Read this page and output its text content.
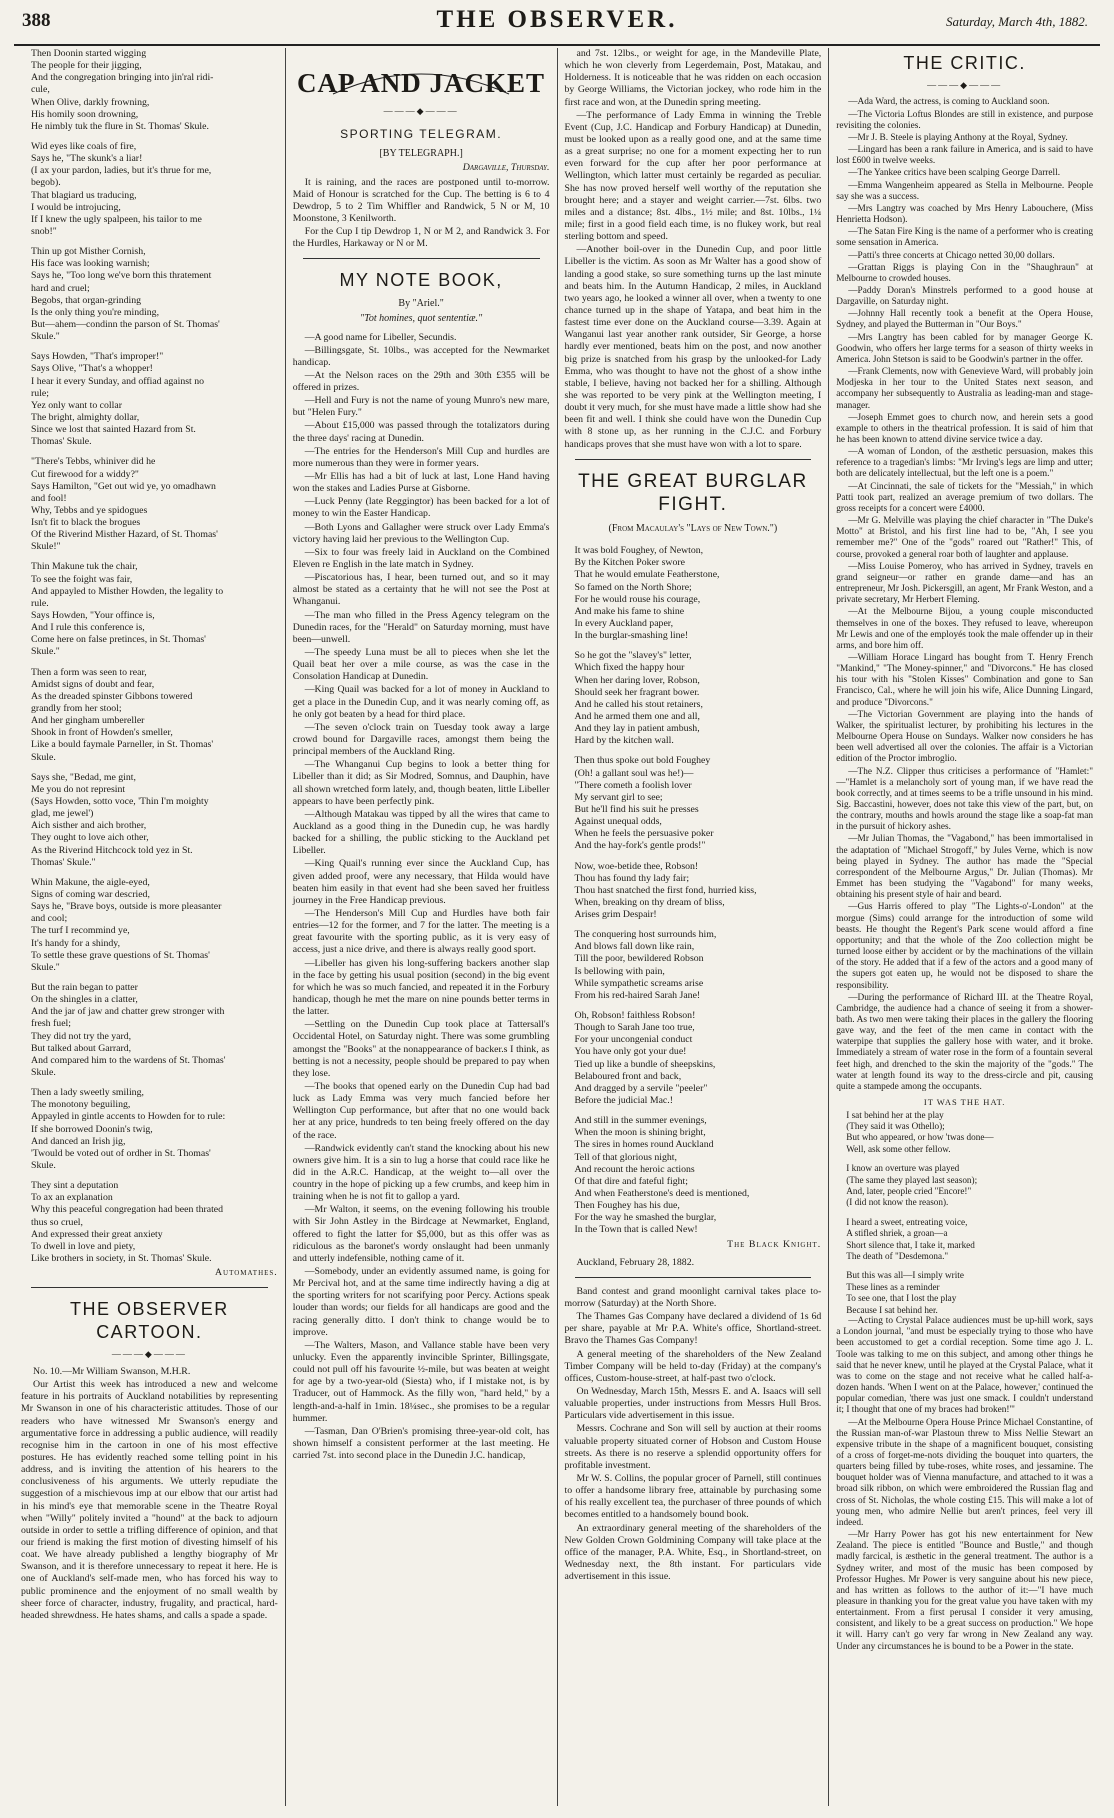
388	THE OBSERVER.	Saturday, March 4th, 1882.
Then Doonin started wigging
The people for their jigging,
And the congregation bringing into jin'ral ridi-
cule,
When Olive, darkly frowning,
His homily soon drowning,
He nimbly tuk the flure in St. Thomas' Skule.
Wid eyes like coals of fire,
Says he, "The skunk's a liar!
(I ax your pardon, ladies, but it's thrue for me,
begob).
That blagiard us traducing,
I would be introjucing,
If I knew the ugly spalpeen, his tailor to me
snob!"
Thin up got Misther Cornish,
His face was looking warnish;
Says he, "Too long we've born this thratement
hard and cruel;
Begobs, that organ-grinding
Is the only thing you're minding,
But—ahem—condinn the parson of St. Thomas'
Skule."
Says Howden, "That's improper!"
Says Olive, "That's a whopper!
I hear it every Sunday, and offiad against no
rule;
Yez only want to collar
The bright, almighty dollar,
Since we lost that sainted Hazard from St.
Thomas' Skule.
"There's Tebbs, whiniver did he
Cut firewood for a widdy?"
Says Hamilton, "Get out wid ye, yo omadhawn
and fool!
Why, Tebbs and ye spidogues
Isn't fit to black the brogues
Of the Riverind Misther Hazard, of St. Thomas'
Skule!"
Thin Makune tuk the chair,
To see the foight was fair,
And appayled to Misther Howden, the legality to
rule.
Says Howden, "Your offince is,
And I rule this conference is,
Come here on false pretinces, in St. Thomas'
Skule."
Then a form was seen to rear,
Amidst signs of doubt and fear,
As the dreaded spinster Gibbons towered
grandly from her stool;
And her gingham umbereller
Shook in front of Howden's smeller,
Like a bould faymale Parneller, in St. Thomas'
Skule.
Says she, "Bedad, me gint,
Me you do not represint
(Says Howden, sotto voce, 'Thin I'm moighty
glad, me jewel')
Aich sisther and aich brother,
They ought to love aich other,
As the Riverind Hitchcock told yez in St.
Thomas' Skule."
Whin Makune, the aigle-eyed,
Signs of coming war descried,
Says he, "Brave boys, outside is more pleasanter
and cool;
The turf I recommind ye,
It's handy for a shindy,
To settle these grave questions of St. Thomas'
Skule."
But the rain began to patter
On the shingles in a clatter,
And the jar of jaw and chatter grew stronger with
fresh fuel;
They did not try the yard,
But talked about Garrard,
And compared him to the wardens of St. Thomas'
Skule.
Then a lady sweetly smiling,
The monotony beguiling,
Appayled in gintle accents to Howden for to rule:
If she borrowed Doonin's twig,
And danced an Irish jig,
'Twould be voted out of ordher in St. Thomas'
Skule.
They sint a deputation
To ax an explanation
Why this peaceful congregation had been thrated
thus so cruel,
And expressed their great anxiety
To dwell in love and piety,
Like brothers in society, in St. Thomas' Skule.
Automathes.
THE OBSERVER CARTOON.
———◆———

No. 10.—Mr William Swanson, M.H.R.

Our Artist this week has introduced a new and welcome feature in his portraits of Auckland notabilities by representing Mr Swanson in one of his characteristic attitudes. Those of our readers who have witnessed Mr Swanson's energy and argumentative force in addressing a public audience, will readily recognise him in the cartoon in one of his most effective postures. He has evidently reached some telling point in his address, and is inviting the attention of his hearers to the conclusiveness of his arguments. We utterly repudiate the suggestion of a mischievous imp at our elbow that our artist had in his mind's eye that memorable scene in the Theatre Royal when "Willy" politely invited a "hound" at the back to adjourn outside in order to settle a trifling difference of opinion, and that our friend is making the first motion of divesting himself of his coat. We have already published a lengthy biography of Mr Swanson, and it is therefore unnecessary to repeat it here. He is one of Auckland's self-made men, who has forced his way to public prominence and the enjoyment of no small wealth by sheer force of character, industry, frugality, and practical, hard-headed shrewdness. He hates shams, and calls a spade a spade.

CAP AND JACKET
———◆———
SPORTING TELEGRAM.
[BY TELEGRAPH.]
Dargaville, Thursday.

It is raining, and the races are postponed until to-morrow. Maid of Honour is scratched for the Cup. The betting is 6 to 4 Dewdrop, 5 to 2 Tim Whiffler and Randwick, 5 N or M, 10 Moonstone, 3 Kenilworth.

For the Cup I tip Dewdrop 1, N or M 2, and Randwick 3. For the Hurdles, Harkaway or N or M.

MY NOTE BOOK,
By "Ariel."
"Tot homines, quot sententiæ."

—A good name for Libeller, Secundis.

—Billingsgate, St. 10lbs., was accepted for the Newmarket handicap.

—At the Nelson races on the 29th and 30th £355 will be offered in prizes.

—Hell and Fury is not the name of young Munro's new mare, but "Helen Fury."

—About £15,000 was passed through the totalizators during the three days' racing at Dunedin.

—The entries for the Henderson's Mill Cup and hurdles are more numerous than they were in former years.

—Mr Ellis has had a bit of luck at last, Lone Hand having won the stakes and Ladies Purse at Gisborne.

—Luck Penny (late Reggingtor) has been backed for a lot of money to win the Easter Handicap.

—Both Lyons and Gallagher were struck over Lady Emma's victory having laid her previous to the Wellington Cup.

—Six to four was freely laid in Auckland on the Combined Eleven re English in the late match in Sydney.

—Piscatorious has, I hear, been turned out, and so it may almost be stated as a certainty that he will not see the Post at Whanganui.

—The man who filled in the Press Agency telegram on the Dunedin races, for the "Herald" on Saturday morning, must have been—unwell.

—The speedy Luna must be all to pieces when she let the Quail beat her over a mile course, as was the case in the Consolation Handicap at Dunedin.

—King Quail was backed for a lot of money in Auckland to get a place in the Dunedin Cup, and it was nearly coming off, as he only got beaten by a head for third place.

—The seven o'clock train on Tuesday took away a large crowd bound for Dargaville races, amongst them being the principal members of the Auckland Ring.

—The Whanganui Cup begins to look a better thing for Libeller than it did; as Sir Modred, Somnus, and Dauphin, have all shown wretched form lately, and, though beaten, little Libeller appears to have been perfectly pink.

—Although Matakau was tipped by all the wires that came to Auckland as a good thing in the Dunedin cup, he was hardly backed for a shilling, the public sticking to the Auckland pet Libeller.

—King Quail's running ever since the Auckland Cup, has given added proof, were any necessary, that Hilda would have beaten him easily in that event had she been saved her fruitless journey in the Free Handicap previous.

—The Henderson's Mill Cup and Hurdles have both fair entries—12 for the former, and 7 for the latter. The meeting is a great favourite with the sporting public, as it is very easy of access, just a nice drive, and there is always really good sport.

—Libeller has given his long-suffering backers another slap in the face by getting his usual position (second) in the big event for which he was so much fancied, and repeated it in the Forbury handicap, though he met the mare on nine pounds better terms in the latter.

—Settling on the Dunedin Cup took place at Tattersall's Occidental Hotel, on Saturday night. There was some grumbling amongst the "Books" at the nonappearance of backer.s I think, as betting is not a necessity, people should be prepared to pay when they lose.

—The books that opened early on the Dunedin Cup had bad luck as Lady Emma was very much fancied before her Wellington Cup performance, but after that no one would back her at any price, hundreds to ten being freely offered on the day of the race.

—Randwick evidently can't stand the knocking about his new owners give him. It is a sin to lug a horse that could race like he did in the A.R.C. Handicap, at the weight to—all over the country in the hope of picking up a few crumbs, and keep him in training when he is not fit to gallop a yard.

—Mr Walton, it seems, on the evening following his trouble with Sir John Astley in the Birdcage at Newmarket, England, offered to fight the latter for $5,000, but as this offer was as ridiculous as the baronet's wordy onslaught had been unmanly and utterly indefensible, nothing came of it.

—Somebody, under an evidently assumed name, is going for Mr Percival hot, and at the same time indirectly having a dig at the sporting writers for not scarifying poor Percy. Actions speak louder than words; our fields for all handicaps are good and the racing generally ditto. I don't think to change would be to improve.

—The Walters, Mason, and Vallance stable have been very unlucky. Even the apparently invincible Sprinter, Billingsgate, could not pull off his favourite ½-mile, but was beaten at weight for age by a two-year-old (Siesta) who, if I mistake not, is by Traducer, out of Hammock. As the filly won, "hard held," by a length-and-a-half in 1min. 18¼sec., she promises to be a regular hummer.

—Tasman, Dan O'Brien's promising three-year-old colt, has shown himself a consistent performer at the last meeting. He carried 7st. into second place in the Dunedin J.C. handicap,

and 7st. 12lbs., or weight for age, in the Mandeville Plate, which he won cleverly from Legerdemain, Post, Matakau, and Holderness. It is noticeable that he was ridden on each occasion by George Williams, the Victorian jockey, who rode him in the first race and won, at the Dunedin spring meeting.

—The performance of Lady Emma in winning the Treble Event (Cup, J.C. Handicap and Forbury Handicap) at Dunedin, must be looked upon as a really good one, and at the same time as a great surprise; no one for a moment expecting her to run even forward for the cup after her poor performance at Wellington, which latter must certainly be regarded as peculiar. She has now proved herself well worthy of the reputation she brought here; and a stayer and weight carrier.—7st. 6lbs. two miles and a distance; 8st. 4lbs., 1½ mile; and 8st. 10lbs., 1¼ mile; first in a good field each time, is no flukey work, but real sterling bottom and speed.

—Another boil-over in the Dunedin Cup, and poor little Libeller is the victim. As soon as Mr Walter has a good show of landing a good stake, so sure something turns up the last minute and beats him. In the Autumn Handicap, 2 miles, in Auckland two years ago, he looked a winner all over, when a twenty to one chance turned up in the shape of Yatapa, and beat him in the fastest time ever done on the Auckland course—3.39. Again at Wanganui last year another rank outsider, Sir George, a horse hardly ever mentioned, beats him on the post, and now another big prize is snatched from his grasp by the unlooked-for Lady Emma, who was thought to have not the ghost of a show inthe stable, I believe, having not backed her for a shilling. Although she was reported to be very pink at the Wellington meeting, I doubt it very much, for she must have made a little show had she been fit and well. I think she could have won the Dunedin Cup with 8 stone up, as her running in the C.J.C. and Forbury handicaps proves that she must have won with a lot to spare.

THE GREAT BURGLAR FIGHT.
(From Macaulay's "Lays of New Town.")
It was bold Foughey, of Newton,
By the Kitchen Poker swore
That he would emulate Featherstone,
So famed on the North Shore;
For he would rouse his courage,
And make his fame to shine
In every Auckland paper,
In the burglar-smashing line!
So he got the "slavey's" letter,
Which fixed the happy hour
When her daring lover, Robson,
Should seek her fragrant bower.
And he called his stout retainers,
And he armed them one and all,
And they lay in patient ambush,
Hard by the kitchen wall.
Then thus spoke out bold Foughey
(Oh! a gallant soul was he!)—
"There cometh a foolish lover
My servant girl to see;
But he'll find his suit he presses
Against unequal odds,
When he feels the persuasive poker
And the hay-fork's gentle prods!"
Now, woe-betide thee, Robson!
Thou has found thy lady fair;
Thou hast snatched the first fond, hurried kiss,
When, breaking on thy dream of bliss,
Arises grim Despair!
The conquering host surrounds him,
And blows fall down like rain,
Till the poor, bewildered Robson
Is bellowing with pain,
While sympathetic screams arise
From his red-haired Sarah Jane!
Oh, Robson! faithless Robson!
Though to Sarah Jane too true,
For your uncongenial conduct
You have only got your due!
Tied up like a bundle of sheepskins,
Belaboured front and back,
And dragged by a servile "peeler"
Before the judicial Mac.!
And still in the summer evenings,
When the moon is shining bright,
The sires in homes round Auckland
Tell of that glorious night,
And recount the heroic actions
Of that dire and fateful fight;
And when Featherstone's deed is mentioned,
Then Foughey has his due,
For the way he smashed the burglar,
In the Town that is called New!
The Black Knight.
Auckland, February 28, 1882.

Band contest and grand moonlight carnival takes place to-morrow (Saturday) at the North Shore.

The Thames Gas Company have declared a dividend of 1s 6d per share, payable at Mr P.A. White's office, Shortland-street. Bravo the Thames Gas Company!

A general meeting of the shareholders of the New Zealand Timber Company will be held to-day (Friday) at the company's offices, Custom-house-street, at half-past two o'clock.

On Wednesday, March 15th, Messrs E. and A. Isaacs will sell valuable properties, under instructions from Messrs Hull Bros. Particulars vide advertisement in this issue.

Messrs. Cochrane and Son will sell by auction at their rooms valuable property situated corner of Hobson and Custom House streets. As there is no reserve a splendid opportunity offers for profitable investment.

Mr W. S. Collins, the popular grocer of Parnell, still continues to offer a handsome library free, attainable by purchasing some of his really excellent tea, the purchaser of three pounds of which becomes entitled to a handsomely bound book.

An extraordinary general meeting of the shareholders of the New Golden Crown Goldmining Company will take place at the office of the manager, P.A. White, Esq., in Shortland-street, on Wednesday next, the 8th instant. For particulars vide advertisement in this issue.

THE CRITIC.
———◆———

—Ada Ward, the actress, is coming to Auckland soon.

—The Victoria Loftus Blondes are still in existence, and purpose revisiting the colonies.

—Mr J. B. Steele is playing Anthony at the Royal, Sydney.

—Lingard has been a rank failure in America, and is said to have lost £600 in twelve weeks.

—The Yankee critics have been scalping George Darrell.

—Emma Wangenheim appeared as Stella in Melbourne. People say she was a success.

—Mrs Langtry was coached by Mrs Henry Labouchere, (Miss Henrietta Hodson).

—The Satan Fire King is the name of a performer who is creating some sensation in America.

—Patti's three concerts at Chicago netted 30,00 dollars.

—Grattan Riggs is playing Con in the "Shaughraun" at Melbourne to crowded houses.

—Paddy Doran's Minstrels performed to a good house at Dargaville, on Saturday night.

—Johnny Hall recently took a benefit at the Opera House, Sydney, and played the Butterman in "Our Boys."

—Mrs Langtry has been cabled for by manager George K. Goodwin, who offers her large terms for a season of thirty weeks in America. John Stetson is said to be Goodwin's partner in the offer.

—Frank Clements, now with Genevieve Ward, will probably join Modjeska in her tour to the United States next season, and accompany her subsequently to Australia as leading-man and stage-manager.

—Joseph Emmet goes to church now, and herein sets a good example to others in the theatrical profession. It is said of him that he has been known to attend divine service twice a day.

—A woman of London, of the æsthetic persuasion, makes this reference to a tragedian's limbs: "Mr Irving's legs are limp and utter; both are delicately intellectual, but the left one is a poem."

—At Cincinnati, the sale of tickets for the "Messiah," in which Patti took part, realized an average premium of two dollars. The gross receipts for a concert were £4000.

—Mr G. Melville was playing the chief character in "The Duke's Motto" at Bristol, and his first line had to be, "Ah, I see you remember me?" One of the "gods" roared out "Rather!" This, of course, provoked a general roar both of laughter and applause.

—Miss Louise Pomeroy, who has arrived in Sydney, travels en grand seigneur—or rather en grande dame—and has an entrepreneur, Mr Josh. Pickersgill, an agent, Mr Frank Weston, and a private secretary, Mr Herbert Fleming.

—At the Melbourne Bijou, a young couple misconducted themselves in one of the boxes. They refused to leave, whereupon Mr Lewis and one of the employés took the male offender up in their arms, and bore him off.

—William Horace Lingard has bought from T. Henry French "Mankind," "The Money-spinner," and "Divorcons." He has closed his tour with his "Stolen Kisses" Combination and gone to San Francisco, Cal., where he will join his wife, Alice Dunning Lingard, and produce "Divorcons."

—The Victorian Government are playing into the hands of Walker, the spiritualist lecturer, by prohibiting his lectures in the Melbourne Opera House on Sundays. Walker now considers he has been well advertised all over the colonies. The affair is a Victorian edition of the Proctor imbroglio.

—The N.Z. Clipper thus criticises a performance of "Hamlet:" —"Hamlet is a melancholy sort of young man, if we have read the book correctly, and at times seems to be a trifle unsound in his mind. Sig. Baccastini, however, does not take this view of the part, but, on the contrary, mouths and howls around the stage like a soap-fat man in the pursuit of hickory ashes.

—Mr Julian Thomas, the "Vagabond," has been immortalised in the adaptation of "Michael Strogoff," by Jules Verne, which is now being played in Sydney. The author has made the "Special correspondent of the Melbourne Argus," Dr. Julian (Thomas). Mr Emmet has been studying the "Vagabond" for many weeks, obtaining his present style of hair and beard.

—Gus Harris offered to play "The Lights-o'-London" at the morgue (Sims) could arrange for the introduction of some wild beasts. He thought the Regent's Park scene would afford a fine opportunity; and that the whole of the Zoo collection might be turned loose either by accident or by the machinations of the villain of the story. He added that if a few of the actors and a good many of the supers got eaten up, he would not be disposed to share the responsibility.

—During the performance of Richard III. at the Theatre Royal, Cambridge, the audience had a chance of seeing it from a shower-bath. As two men were taking their places in the gallery the flooring gave way, and the feet of the men came in contact with the waterpipe that supplies the gallery hose with water, and it broke. Immediately a stream of water rose in the form of a fountain several feet high, and drenched to the skin the majority of the "gods." The water at length found its way to the dress-circle and pit, causing quite a stampede among the occupants.

IT WAS THE HAT.
I sat behind her at the play
(They said it was Othello);
But who appeared, or how 'twas done—
Well, ask some other fellow.
I know an overture was played
(The same they played last season);
And, later, people cried "Encore!"
(I did not know the reason).
I heard a sweet, entreating voice,
A stifled shriek, a groan—a
Short silence that, I take it, marked
The death of "Desdemona."
But this was all—I simply write
These lines as a reminder
To see one, that I lost the play
Because I sat behind her.

—Acting to Crystal Palace audiences must be up-hill work, says a London journal, "and must be especially trying to those who have been accustomed to get a cordial reception. Some time ago J. L. Toole was talking to me on this subject, and among other things he said that he never knew, until he played at the Crystal Palace, what it was to come on the stage and not receive what he called half-a-dozen hands. 'When I went on at the Palace, however,' continued the popular comedian, 'there was just one smack. I couldn't understand it; I thought that one of my braces had broken!'"

—At the Melbourne Opera House Prince Michael Constantine, of the Russian man-of-war Plastoun threw to Miss Nellie Stewart an expensive tribute in the shape of a magnificent bouquet, consisting of a cross of forget-me-nots dividing the bouquet into quarters, the quarters being filled by tube-roses, white roses, and jessamine. The bouquet holder was of Vienna manufacture, and attached to it was a broad silk ribbon, on which were embroidered the Russian flag and cross of St. Nicholas, the whole costing £15. This will make a lot of young men, who admire Nellie but aren't princes, feel very ill indeed.

—Mr Harry Power has got his new entertainment for New Zealand. The piece is entitled "Bounce and Bustle," and though madly farcical, is æsthetic in the general treatment. The author is a Sydney writer, and most of the music has been composed by Professor Hughes. Mr Power is very sanguine about his new piece, and has written as follows to the author of it:—"I have much pleasure in thanking you for the great value you have taken with my entertainment. From a first perusal I consider it very amusing, consistent, and likely to be a great success on production." We hope it will. Harry can't go very far wrong in New Zealand any way. Under any circumstances he is bound to be a Power in the state.
